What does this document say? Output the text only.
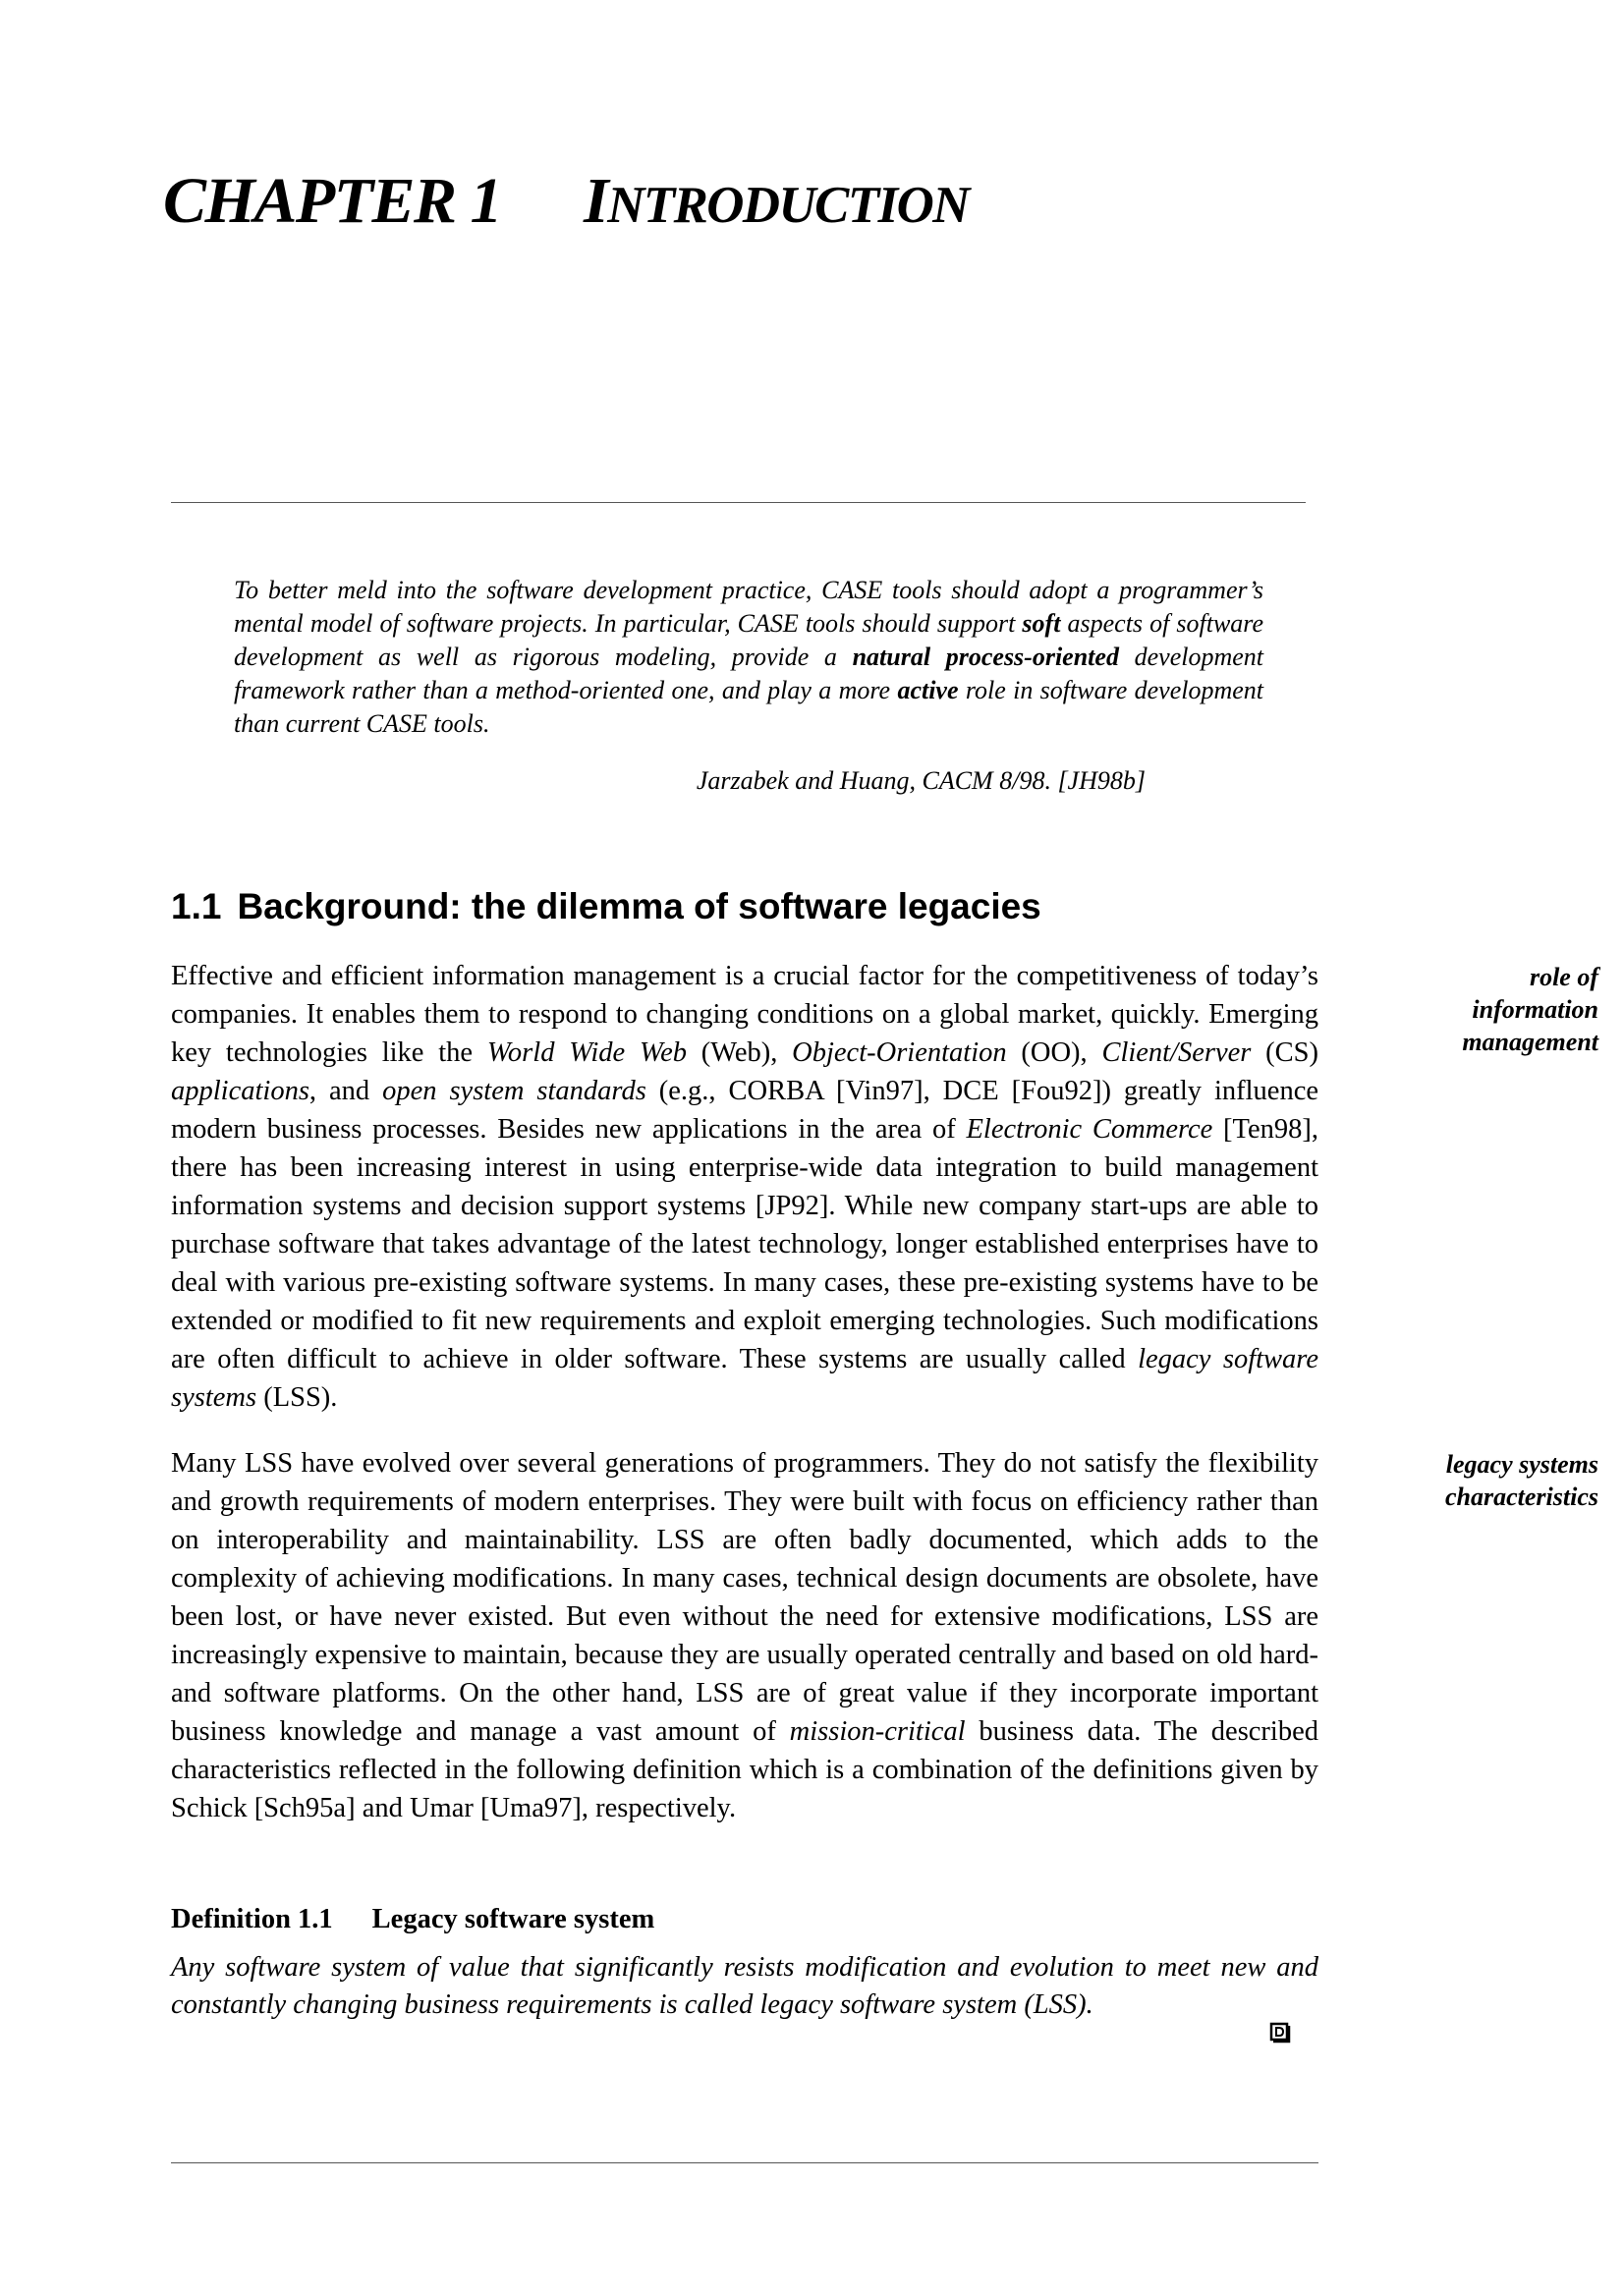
CHAPTER 1 INTRODUCTION

To better meld into the software development practice, CASE tools should adopt a programmer’s mental model of software projects. In particular, CASE tools should support soft aspects of software development as well as rigorous modeling, provide a natural process-oriented development framework rather than a method-oriented one, and play a more active role in software development than current CASE tools.

Jarzabek and Huang, CACM 8/98. [JH98b]

1.1 Background: the dilemma of software legacies

Effective and efficient information management is a crucial factor for the competitiveness of today’s companies. It enables them to respond to changing conditions on a global market, quickly. Emerging key technologies like the World Wide Web (Web), Object-Orientation (OO), Client/Server (CS) applications, and open system standards (e.g., CORBA [Vin97], DCE [Fou92]) greatly influence modern business processes. Besides new applications in the area of Electronic Commerce [Ten98], there has been increasing interest in using enterprise-wide data integration to build management information systems and decision support systems [JP92]. While new company start-ups are able to purchase software that takes advantage of the latest technology, longer established enterprises have to deal with various pre-existing software systems. In many cases, these pre-existing systems have to be extended or modified to fit new requirements and exploit emerging technologies. Such modifications are often difficult to achieve in older software. These systems are usually called legacy software systems (LSS).

role of information management

Many LSS have evolved over several generations of programmers. They do not satisfy the flexibility and growth requirements of modern enterprises. They were built with focus on efficiency rather than on interoperability and maintainability. LSS are often badly documented, which adds to the complexity of achieving modifications. In many cases, technical design documents are obsolete, have been lost, or have never existed. But even without the need for extensive modifications, LSS are increasingly expensive to maintain, because they are usually operated centrally and based on old hard- and software platforms. On the other hand, LSS are of great value if they incorporate important business knowledge and manage a vast amount of mission-critical business data. The described characteristics reflected in the following definition which is a combination of the definitions given by Schick [Sch95a] and Umar [Uma97], respectively.

legacy systems characteristics

Definition 1.1 Legacy software system

Any software system of value that significantly resists modification and evolution to meet new and constantly changing business requirements is called legacy software system (LSS).
